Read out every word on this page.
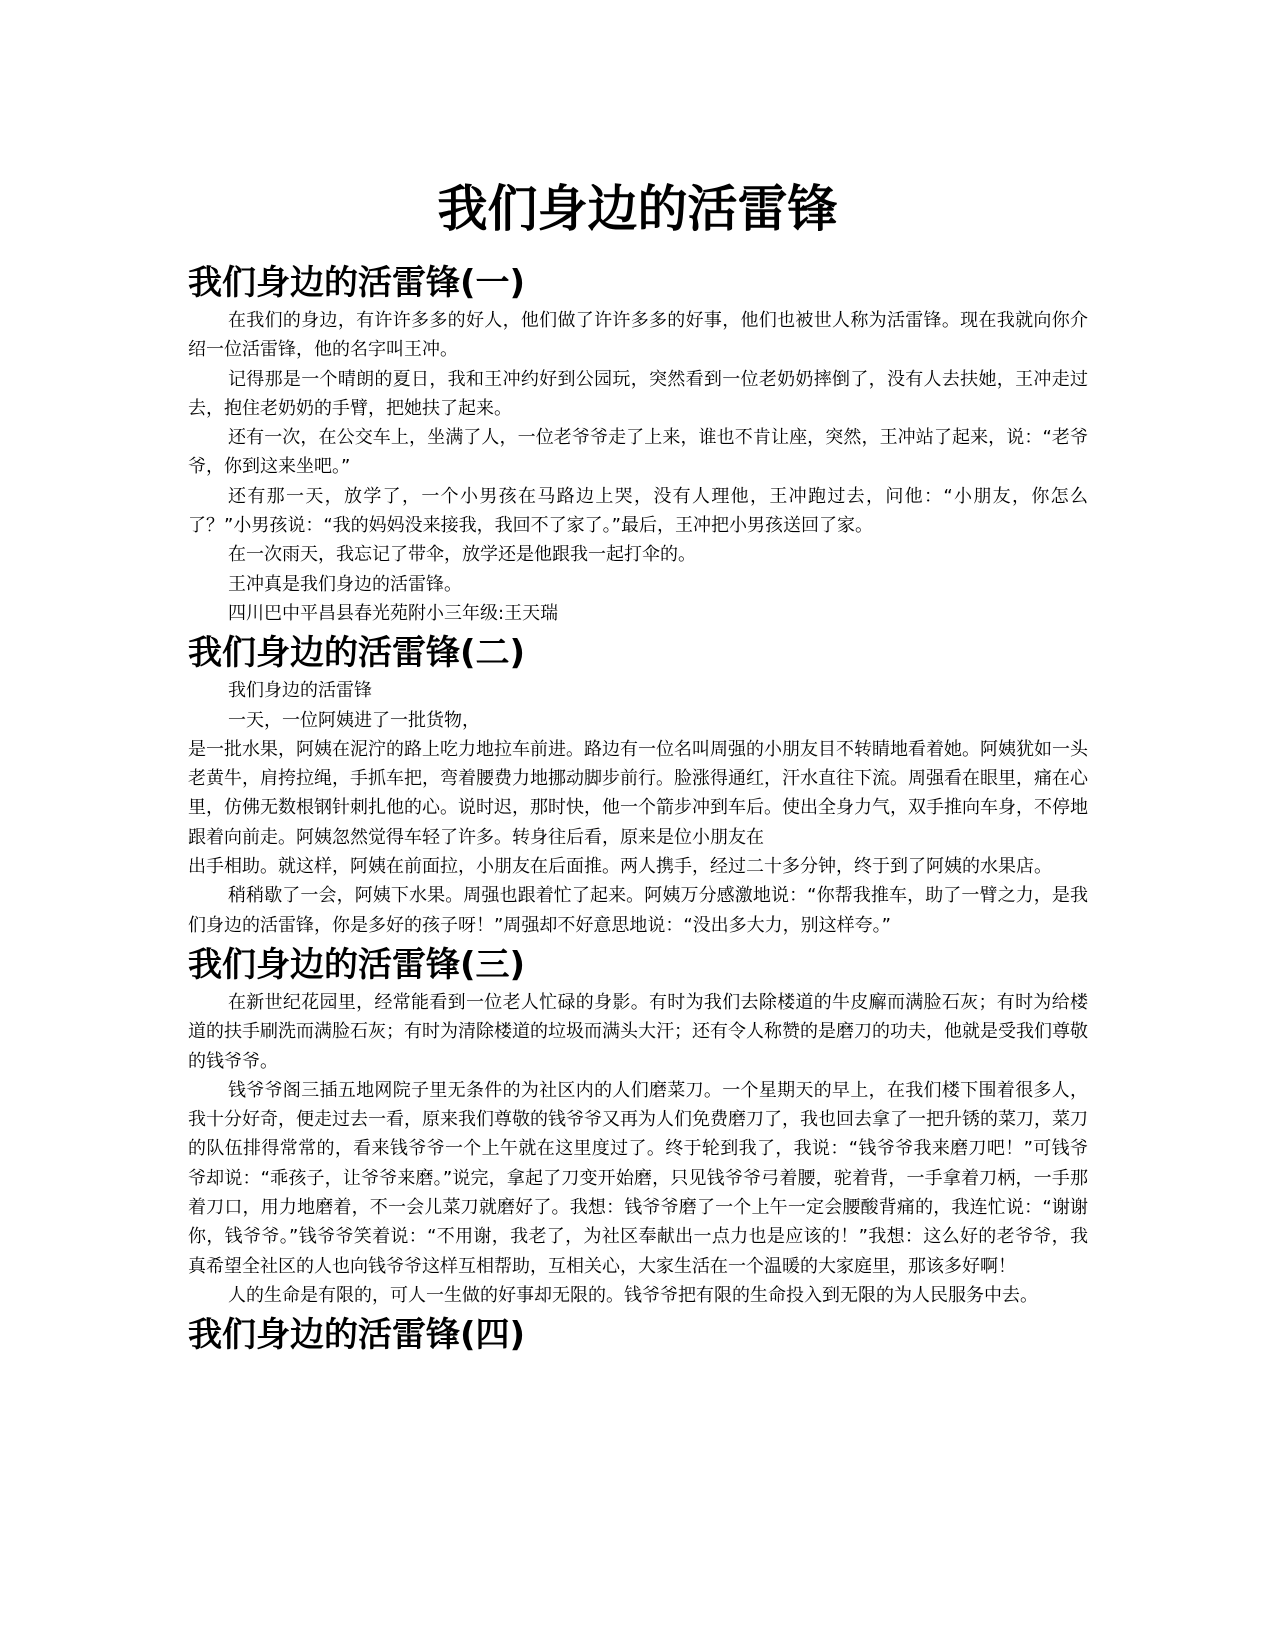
我们身边的活雷锋
我们身边的活雷锋(一)

在我们的身边，有许许多多的好人，他们做了许许多多的好事，他们也被世人称为活雷锋。现在我就向你介绍一位活雷锋，他的名字叫王冲。

记得那是一个晴朗的夏日，我和王冲约好到公园玩，突然看到一位老奶奶摔倒了，没有人去扶她，王冲走过去，抱住老奶奶的手臂，把她扶了起来。

还有一次，在公交车上，坐满了人，一位老爷爷走了上来，谁也不肯让座，突然，王冲站了起来，说：“老爷爷，你到这来坐吧。”

还有那一天，放学了，一个小男孩在马路边上哭，没有人理他，王冲跑过去，问他：“小朋友，你怎么了？”小男孩说：“我的妈妈没来接我，我回不了家了。”最后，王冲把小男孩送回了家。

在一次雨天，我忘记了带伞，放学还是他跟我一起打伞的。

王冲真是我们身边的活雷锋。

四川巴中平昌县春光苑附小三年级:王天瑞

我们身边的活雷锋(二)

我们身边的活雷锋

一天，一位阿姨进了一批货物，

是一批水果，阿姨在泥泞的路上吃力地拉车前进。路边有一位名叫周强的小朋友目不转睛地看着她。阿姨犹如一头老黄牛，肩挎拉绳，手抓车把，弯着腰费力地挪动脚步前行。脸涨得通红，汗水直往下流。周强看在眼里，痛在心里，仿佛无数根钢针刺扎他的心。说时迟，那时快，他一个箭步冲到车后。使出全身力气，双手推向车身，不停地跟着向前走。阿姨忽然觉得车轻了许多。转身往后看，原来是位小朋友在

出手相助。就这样，阿姨在前面拉，小朋友在后面推。两人携手，经过二十多分钟，终于到了阿姨的水果店。

稍稍歇了一会，阿姨下水果。周强也跟着忙了起来。阿姨万分感激地说：“你帮我推车，助了一臂之力，是我们身边的活雷锋，你是多好的孩子呀！”周强却不好意思地说：“没出多大力，别这样夸。”

我们身边的活雷锋(三)

在新世纪花园里，经常能看到一位老人忙碌的身影。有时为我们去除楼道的牛皮廨而满脸石灰；有时为给楼道的扶手刷洗而满脸石灰；有时为清除楼道的垃圾而满头大汗；还有令人称赞的是磨刀的功夫，他就是受我们尊敬的钱爷爷。

钱爷爷阁三插五地网院子里无条件的为社区内的人们磨菜刀。一个星期天的早上，在我们楼下围着很多人，我十分好奇，便走过去一看，原来我们尊敬的钱爷爷又再为人们免费磨刀了，我也回去拿了一把升锈的菜刀，菜刀的队伍排得常常的，看来钱爷爷一个上午就在这里度过了。终于轮到我了，我说：“钱爷爷我来磨刀吧！”可钱爷爷却说：“乖孩子，让爷爷来磨。”说完，拿起了刀变开始磨，只见钱爷爷弓着腰，驼着背，一手拿着刀柄，一手那着刀口，用力地磨着，不一会儿菜刀就磨好了。我想：钱爷爷磨了一个上午一定会腰酸背痛的，我连忙说：“谢谢你，钱爷爷。”钱爷爷笑着说：“不用谢，我老了，为社区奉献出一点力也是应该的！”我想：这么好的老爷爷，我真希望全社区的人也向钱爷爷这样互相帮助，互相关心，大家生活在一个温暖的大家庭里，那该多好啊！

人的生命是有限的，可人一生做的好事却无限的。钱爷爷把有限的生命投入到无限的为人民服务中去。

我们身边的活雷锋(四)
